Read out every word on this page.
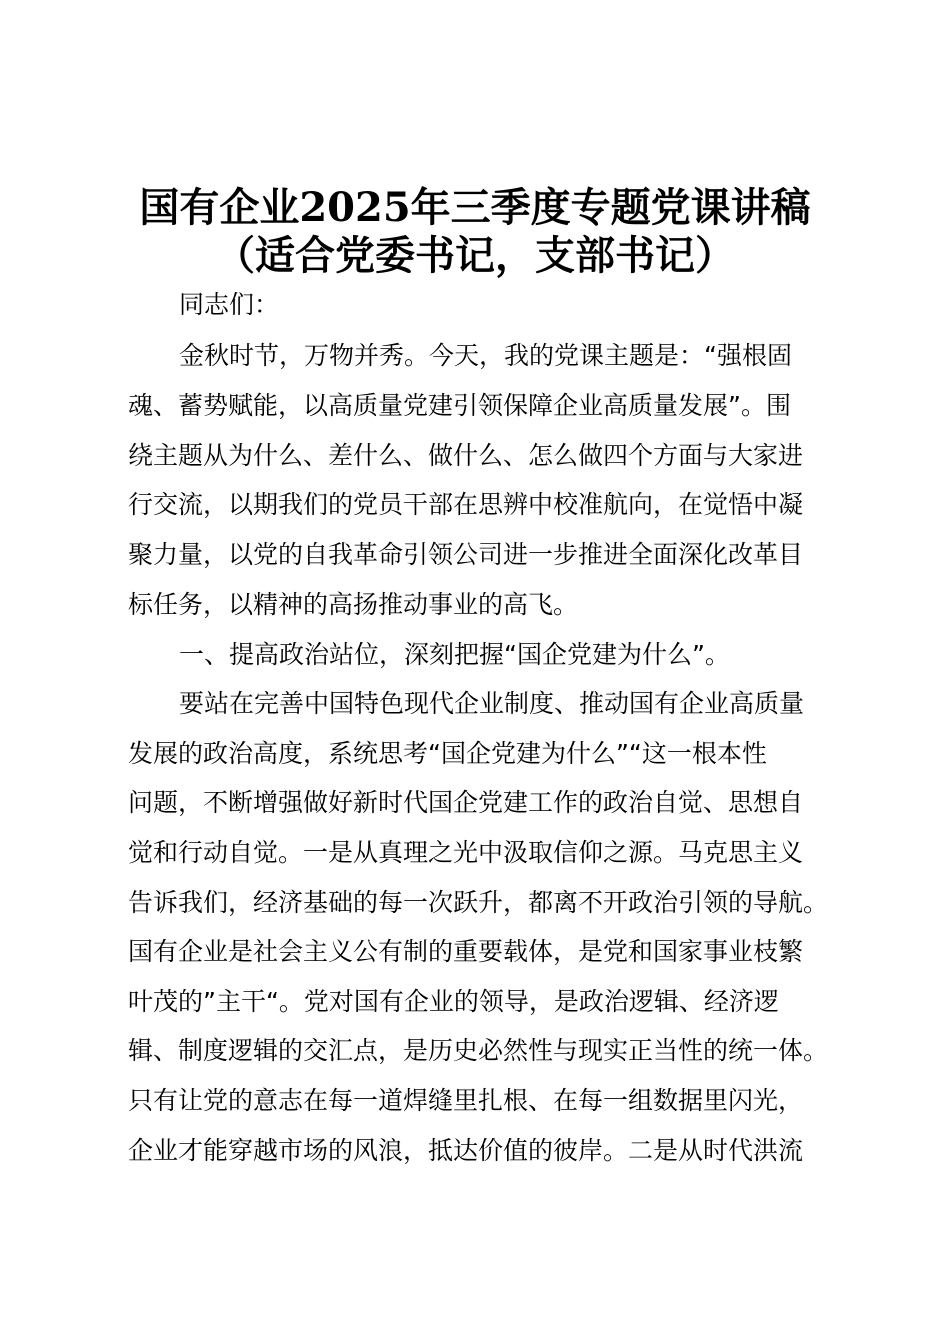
国有企业2025年三季度专题党课讲稿
（适合党委书记，支部书记）
同志们：
金秋时节，万物并秀。今天，我的党课主题是：“强根固
魂、蓄势赋能，以高质量党建引领保障企业高质量发展”。围
绕主题从为什么、差什么、做什么、怎么做四个方面与大家进
行交流，以期我们的党员干部在思辨中校准航向，在觉悟中凝
聚力量，以党的自我革命引领公司进一步推进全面深化改革目
标任务，以精神的高扬推动事业的高飞。
一、提高政治站位，深刻把握“国企党建为什么”。
要站在完善中国特色现代企业制度、推动国有企业高质量
发展的政治高度，系统思考“国企党建为什么”“这一根本性
问题，不断增强做好新时代国企党建工作的政治自觉、思想自
觉和行动自觉。一是从真理之光中汲取信仰之源。马克思主义
告诉我们，经济基础的每一次跃升，都离不开政治引领的导航。
国有企业是社会主义公有制的重要载体，是党和国家事业枝繁
叶茂的”主干“。党对国有企业的领导，是政治逻辑、经济逻
辑、制度逻辑的交汇点，是历史必然性与现实正当性的统一体。
只有让党的意志在每一道焊缝里扎根、在每一组数据里闪光，
企业才能穿越市场的风浪，抵达价值的彼岸。二是从时代洪流
